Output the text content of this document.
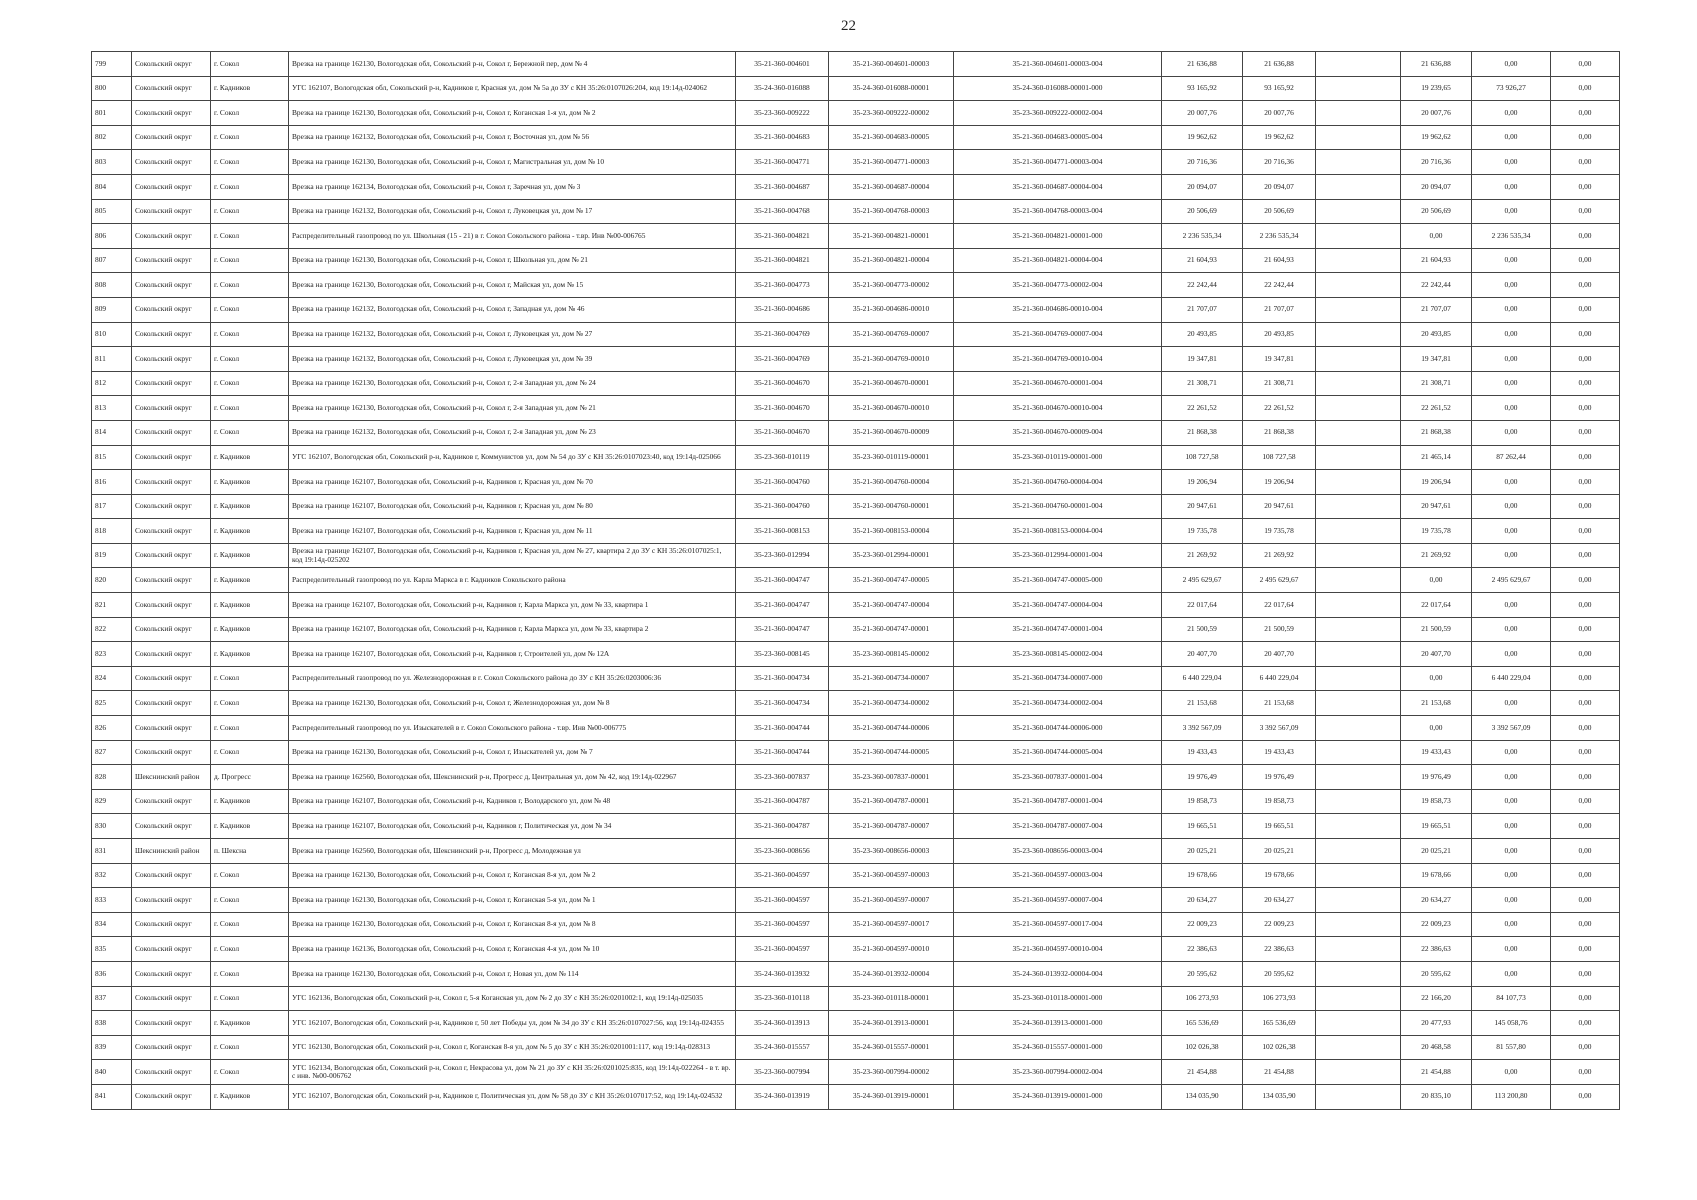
22
799	Сокольский округ	г. Сокол	Врезка на границе 162130, Вологодская обл, Сокольский р-н, Сокол г, Бережной пер, дом № 4	35-21-360-004601	35-21-360-004601-00003	35-21-360-004601-00003-004	21 636,88	21 636,88		21 636,88	0,00	0,00
800	Сокольский округ	г. Кадников	УГС 162107, Вологодская обл, Сокольский р-н, Кадников г, Красная ул, дом № 5а до ЗУ с КН 35:26:0107026:204, код 19:14д-024062	35-24-360-016088	35-24-360-016088-00001	35-24-360-016088-00001-000	93 165,92	93 165,92		19 239,65	73 926,27	0,00
801	Сокольский округ	г. Сокол	Врезка на границе 162130, Вологодская обл, Сокольский р-н, Сокол г, Коганская 1-я ул, дом № 2	35-23-360-009222	35-23-360-009222-00002	35-23-360-009222-00002-004	20 007,76	20 007,76		20 007,76	0,00	0,00
802	Сокольский округ	г. Сокол	Врезка на границе 162132, Вологодская обл, Сокольский р-н, Сокол г, Восточная ул, дом № 56	35-21-360-004683	35-21-360-004683-00005	35-21-360-004683-00005-004	19 962,62	19 962,62		19 962,62	0,00	0,00
803	Сокольский округ	г. Сокол	Врезка на границе 162130, Вологодская обл, Сокольский р-н, Сокол г, Магистральная ул, дом № 10	35-21-360-004771	35-21-360-004771-00003	35-21-360-004771-00003-004	20 716,36	20 716,36		20 716,36	0,00	0,00
804	Сокольский округ	г. Сокол	Врезка на границе 162134, Вологодская обл, Сокольский р-н, Сокол г, Заречная ул, дом № 3	35-21-360-004687	35-21-360-004687-00004	35-21-360-004687-00004-004	20 094,07	20 094,07		20 094,07	0,00	0,00
805	Сокольский округ	г. Сокол	Врезка на границе 162132, Вологодская обл, Сокольский р-н, Сокол г, Луковецкая ул, дом № 17	35-21-360-004768	35-21-360-004768-00003	35-21-360-004768-00003-004	20 506,69	20 506,69		20 506,69	0,00	0,00
806	Сокольский округ	г. Сокол	Распределительный газопровод по ул. Школьная (15 - 21) в г. Сокол Сокольского района - т.вр. Инв №00-006765	35-21-360-004821	35-21-360-004821-00001	35-21-360-004821-00001-000	2 236 535,34	2 236 535,34		0,00	2 236 535,34	0,00
807	Сокольский округ	г. Сокол	Врезка на границе 162130, Вологодская обл, Сокольский р-н, Сокол г, Школьная ул, дом № 21	35-21-360-004821	35-21-360-004821-00004	35-21-360-004821-00004-004	21 604,93	21 604,93		21 604,93	0,00	0,00
808	Сокольский округ	г. Сокол	Врезка на границе 162130, Вологодская обл, Сокольский р-н, Сокол г, Майская ул, дом № 15	35-21-360-004773	35-21-360-004773-00002	35-21-360-004773-00002-004	22 242,44	22 242,44		22 242,44	0,00	0,00
809	Сокольский округ	г. Сокол	Врезка на границе 162132, Вологодская обл, Сокольский р-н, Сокол г, Западная ул, дом № 46	35-21-360-004686	35-21-360-004686-00010	35-21-360-004686-00010-004	21 707,07	21 707,07		21 707,07	0,00	0,00
810	Сокольский округ	г. Сокол	Врезка на границе 162132, Вологодская обл, Сокольский р-н, Сокол г, Луковецкая ул, дом № 27	35-21-360-004769	35-21-360-004769-00007	35-21-360-004769-00007-004	20 493,85	20 493,85		20 493,85	0,00	0,00
811	Сокольский округ	г. Сокол	Врезка на границе 162132, Вологодская обл, Сокольский р-н, Сокол г, Луковецкая ул, дом № 39	35-21-360-004769	35-21-360-004769-00010	35-21-360-004769-00010-004	19 347,81	19 347,81		19 347,81	0,00	0,00
812	Сокольский округ	г. Сокол	Врезка на границе 162130, Вологодская обл, Сокольский р-н, Сокол г, 2-я Западная ул, дом № 24	35-21-360-004670	35-21-360-004670-00001	35-21-360-004670-00001-004	21 308,71	21 308,71		21 308,71	0,00	0,00
813	Сокольский округ	г. Сокол	Врезка на границе 162130, Вологодская обл, Сокольский р-н, Сокол г, 2-я Западная ул, дом № 21	35-21-360-004670	35-21-360-004670-00010	35-21-360-004670-00010-004	22 261,52	22 261,52		22 261,52	0,00	0,00
814	Сокольский округ	г. Сокол	Врезка на границе 162132, Вологодская обл, Сокольский р-н, Сокол г, 2-я Западная ул, дом № 23	35-21-360-004670	35-21-360-004670-00009	35-21-360-004670-00009-004	21 868,38	21 868,38		21 868,38	0,00	0,00
815	Сокольский округ	г. Кадников	УГС 162107, Вологодская обл, Сокольский р-н, Кадников г, Коммунистов ул, дом № 54 до ЗУ с КН 35:26:0107023:40, код 19:14д-025066	35-23-360-010119	35-23-360-010119-00001	35-23-360-010119-00001-000	108 727,58	108 727,58		21 465,14	87 262,44	0,00
816	Сокольский округ	г. Кадников	Врезка на границе 162107, Вологодская обл, Сокольский р-н, Кадников г, Красная ул, дом № 70	35-21-360-004760	35-21-360-004760-00004	35-21-360-004760-00004-004	19 206,94	19 206,94		19 206,94	0,00	0,00
817	Сокольский округ	г. Кадников	Врезка на границе 162107, Вологодская обл, Сокольский р-н, Кадников г, Красная ул, дом № 80	35-21-360-004760	35-21-360-004760-00001	35-21-360-004760-00001-004	20 947,61	20 947,61		20 947,61	0,00	0,00
818	Сокольский округ	г. Кадников	Врезка на границе 162107, Вологодская обл, Сокольский р-н, Кадников г, Красная ул, дом № 11	35-21-360-008153	35-21-360-008153-00004	35-21-360-008153-00004-004	19 735,78	19 735,78		19 735,78	0,00	0,00
819	Сокольский округ	г. Кадников	Врезка на границе 162107, Вологодская обл, Сокольский р-н, Кадников г, Красная ул, дом № 27, квартира 2 до ЗУ с КН 35:26:0107025:1, код 19:14д-025202	35-23-360-012994	35-23-360-012994-00001	35-23-360-012994-00001-004	21 269,92	21 269,92		21 269,92	0,00	0,00
820	Сокольский округ	г. Кадников	Распределительный газопровод по ул. Карла Маркса в г. Кадников Сокольского района	35-21-360-004747	35-21-360-004747-00005	35-21-360-004747-00005-000	2 495 629,67	2 495 629,67		0,00	2 495 629,67	0,00
821	Сокольский округ	г. Кадников	Врезка на границе 162107, Вологодская обл, Сокольский р-н, Кадников г, Карла Маркса ул, дом № 33, квартира 1	35-21-360-004747	35-21-360-004747-00004	35-21-360-004747-00004-004	22 017,64	22 017,64		22 017,64	0,00	0,00
822	Сокольский округ	г. Кадников	Врезка на границе 162107, Вологодская обл, Сокольский р-н, Кадников г, Карла Маркса ул, дом № 33, квартира 2	35-21-360-004747	35-21-360-004747-00001	35-21-360-004747-00001-004	21 500,59	21 500,59		21 500,59	0,00	0,00
823	Сокольский округ	г. Кадников	Врезка на границе 162107, Вологодская обл, Сокольский р-н, Кадников г, Строителей ул, дом № 12А	35-23-360-008145	35-23-360-008145-00002	35-23-360-008145-00002-004	20 407,70	20 407,70		20 407,70	0,00	0,00
824	Сокольский округ	г. Сокол	Распределительный газопровод по ул. Железнодорожная в г. Сокол Сокольского района до ЗУ с КН 35:26:0203006:36	35-21-360-004734	35-21-360-004734-00007	35-21-360-004734-00007-000	6 440 229,04	6 440 229,04		0,00	6 440 229,04	0,00
825	Сокольский округ	г. Сокол	Врезка на границе 162130, Вологодская обл, Сокольский р-н, Сокол г, Железнодорожная ул, дом № 8	35-21-360-004734	35-21-360-004734-00002	35-21-360-004734-00002-004	21 153,68	21 153,68		21 153,68	0,00	0,00
826	Сокольский округ	г. Сокол	Распределительный газопровод по ул. Изыскателей в г. Сокол Сокольского района - т.вр. Инв №00-006775	35-21-360-004744	35-21-360-004744-00006	35-21-360-004744-00006-000	3 392 567,09	3 392 567,09		0,00	3 392 567,09	0,00
827	Сокольский округ	г. Сокол	Врезка на границе 162130, Вологодская обл, Сокольский р-н, Сокол г, Изыскателей ул, дом № 7	35-21-360-004744	35-21-360-004744-00005	35-21-360-004744-00005-004	19 433,43	19 433,43		19 433,43	0,00	0,00
828	Шекснинский район	д. Прогресс	Врезка на границе 162560, Вологодская обл, Шекснинский р-н, Прогресс д, Центральная ул, дом № 42, код 19:14д-022967	35-23-360-007837	35-23-360-007837-00001	35-23-360-007837-00001-004	19 976,49	19 976,49		19 976,49	0,00	0,00
829	Сокольский округ	г. Кадников	Врезка на границе 162107, Вологодская обл, Сокольский р-н, Кадников г, Володарского ул, дом № 48	35-21-360-004787	35-21-360-004787-00001	35-21-360-004787-00001-004	19 858,73	19 858,73		19 858,73	0,00	0,00
830	Сокольский округ	г. Кадников	Врезка на границе 162107, Вологодская обл, Сокольский р-н, Кадников г, Политическая ул, дом № 34	35-21-360-004787	35-21-360-004787-00007	35-21-360-004787-00007-004	19 665,51	19 665,51		19 665,51	0,00	0,00
831	Шекснинский район	п. Шексна	Врезка на границе 162560, Вологодская обл, Шекснинский р-н, Прогресс д, Молодежная ул	35-23-360-008656	35-23-360-008656-00003	35-23-360-008656-00003-004	20 025,21	20 025,21		20 025,21	0,00	0,00
832	Сокольский округ	г. Сокол	Врезка на границе 162130, Вологодская обл, Сокольский р-н, Сокол г, Коганская 8-я ул, дом № 2	35-21-360-004597	35-21-360-004597-00003	35-21-360-004597-00003-004	19 678,66	19 678,66		19 678,66	0,00	0,00
833	Сокольский округ	г. Сокол	Врезка на границе 162130, Вологодская обл, Сокольский р-н, Сокол г, Коганская 5-я ул, дом № 1	35-21-360-004597	35-21-360-004597-00007	35-21-360-004597-00007-004	20 634,27	20 634,27		20 634,27	0,00	0,00
834	Сокольский округ	г. Сокол	Врезка на границе 162130, Вологодская обл, Сокольский р-н, Сокол г, Коганская 8-я ул, дом № 8	35-21-360-004597	35-21-360-004597-00017	35-21-360-004597-00017-004	22 009,23	22 009,23		22 009,23	0,00	0,00
835	Сокольский округ	г. Сокол	Врезка на границе 162136, Вологодская обл, Сокольский р-н, Сокол г, Коганская 4-я ул, дом № 10	35-21-360-004597	35-21-360-004597-00010	35-21-360-004597-00010-004	22 386,63	22 386,63		22 386,63	0,00	0,00
836	Сокольский округ	г. Сокол	Врезка на границе 162130, Вологодская обл, Сокольский р-н, Сокол г, Новая ул, дом № 114	35-24-360-013932	35-24-360-013932-00004	35-24-360-013932-00004-004	20 595,62	20 595,62		20 595,62	0,00	0,00
837	Сокольский округ	г. Сокол	УГС 162136, Вологодская обл, Сокольский р-н, Сокол г, 5-я Коганская ул, дом № 2 до ЗУ с КН 35:26:0201002:1, код 19:14д-025035	35-23-360-010118	35-23-360-010118-00001	35-23-360-010118-00001-000	106 273,93	106 273,93		22 166,20	84 107,73	0,00
838	Сокольский округ	г. Кадников	УГС 162107, Вологодская обл, Сокольский р-н, Кадников г, 50 лет Победы ул, дом № 34 до ЗУ с КН 35:26:0107027:56, код 19:14д-024355	35-24-360-013913	35-24-360-013913-00001	35-24-360-013913-00001-000	165 536,69	165 536,69		20 477,93	145 058,76	0,00
839	Сокольский округ	г. Сокол	УГС 162130, Вологодская обл, Сокольский р-н, Сокол г, Коганская 8-я ул, дом № 5 до ЗУ с КН 35:26:0201001:117, код 19:14д-028313	35-24-360-015557	35-24-360-015557-00001	35-24-360-015557-00001-000	102 026,38	102 026,38		20 468,58	81 557,80	0,00
840	Сокольский округ	г. Сокол	УГС 162134, Вологодская обл, Сокольский р-н, Сокол г, Некрасова ул, дом № 21 до ЗУ с КН 35:26:0201025:835, код 19:14д-022264 - в т. вр. с инв. №00-006762	35-23-360-007994	35-23-360-007994-00002	35-23-360-007994-00002-004	21 454,88	21 454,88		21 454,88	0,00	0,00
841	Сокольский округ	г. Кадников	УГС 162107, Вологодская обл, Сокольский р-н, Кадников г, Политическая ул, дом № 58 до ЗУ с КН 35:26:0107017:52, код 19:14д-024532	35-24-360-013919	35-24-360-013919-00001	35-24-360-013919-00001-000	134 035,90	134 035,90		20 835,10	113 200,80	0,00
